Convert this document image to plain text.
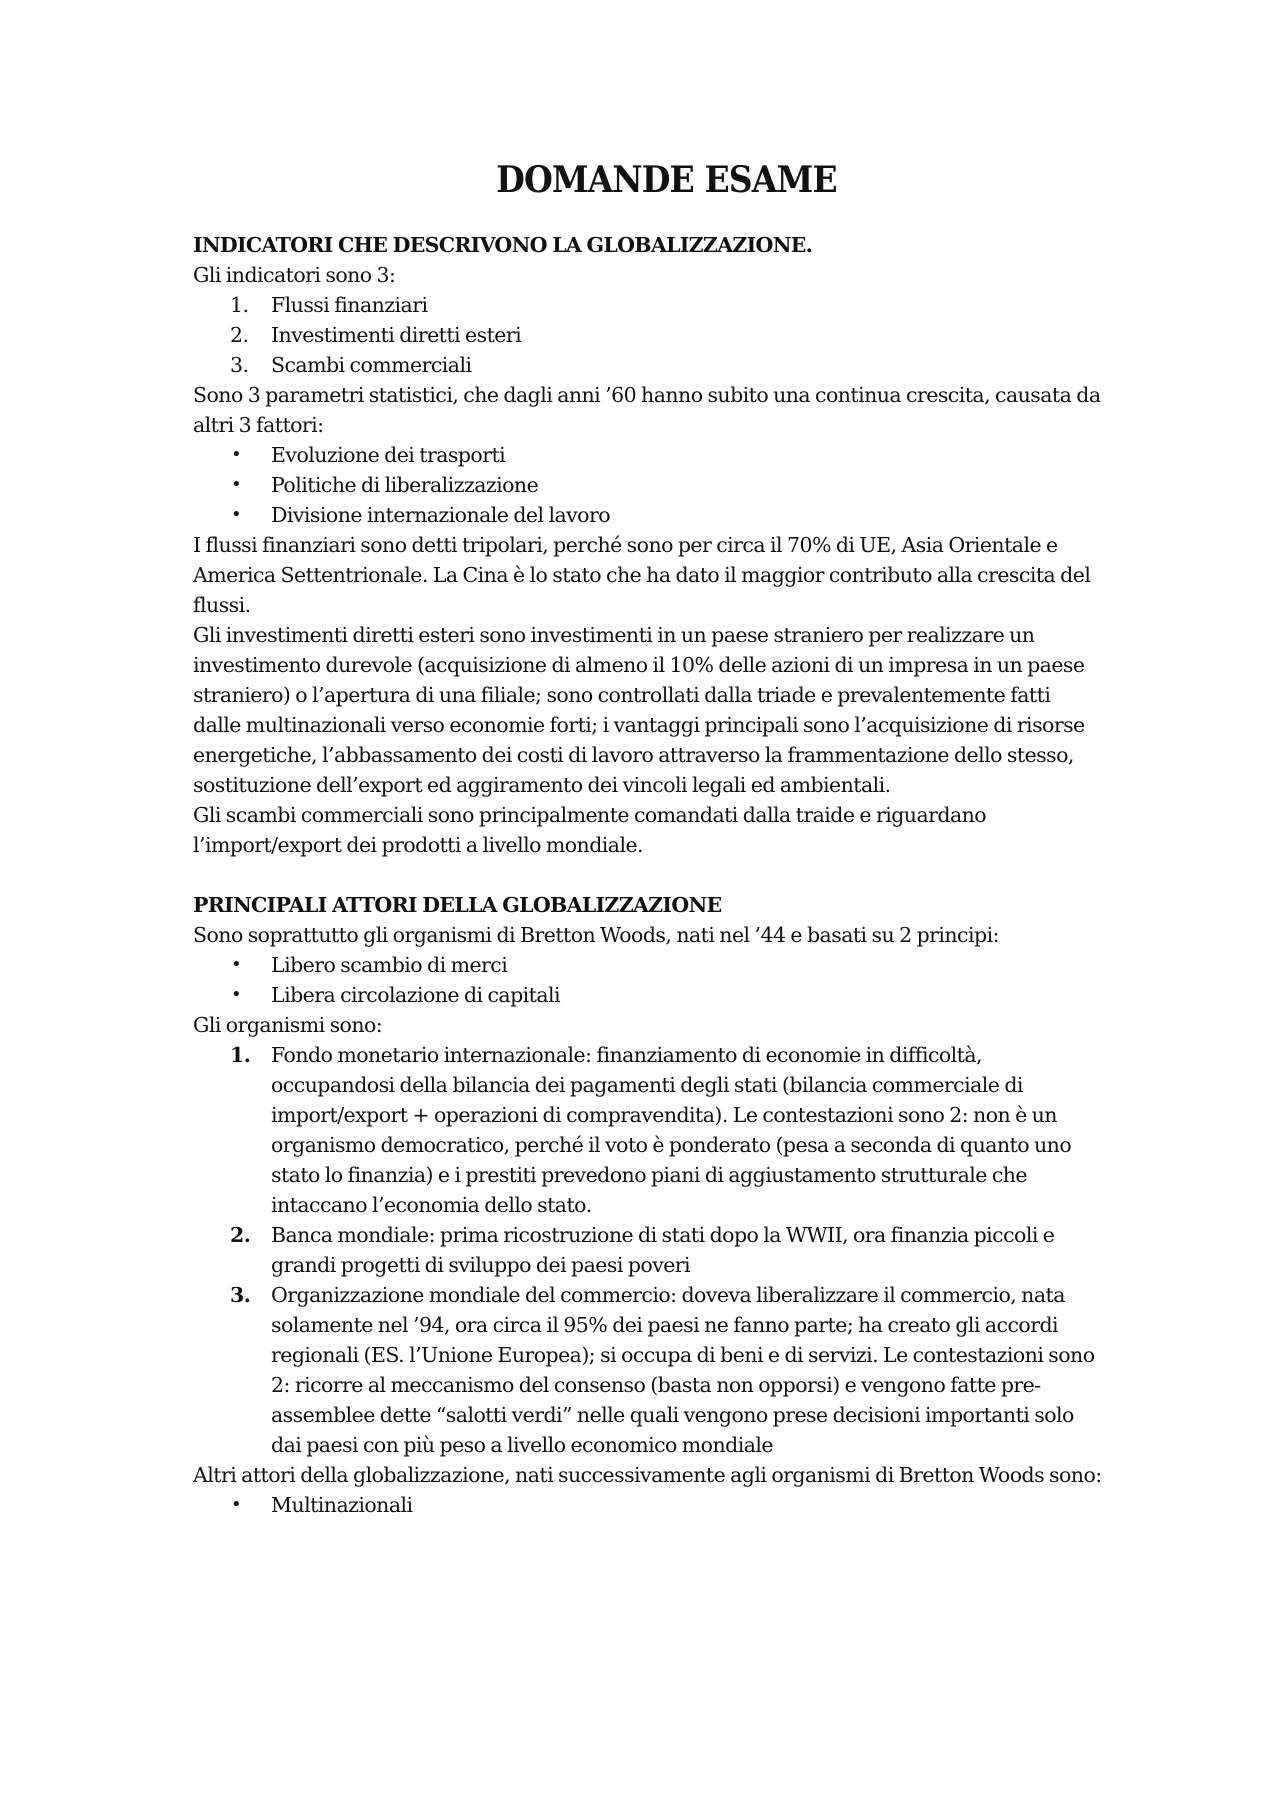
DOMANDE ESAME
INDICATORI CHE DESCRIVONO LA GLOBALIZZAZIONE.

Gli indicatori sono 3:

1. Flussi finanziari
2. Investimenti diretti esteri
3. Scambi commerciali

Sono 3 parametri statistici, che dagli anni ’60 hanno subito una continua crescita, causata da altri 3 fattori:

• Evoluzione dei trasporti
• Politiche di liberalizzazione
• Divisione internazionale del lavoro

I flussi finanziari sono detti tripolari, perché sono per circa il 70% di UE, Asia Orientale e America Settentrionale. La Cina è lo stato che ha dato il maggior contributo alla crescita del flussi.

Gli investimenti diretti esteri sono investimenti in un paese straniero per realizzare un investimento durevole (acquisizione di almeno il 10% delle azioni di un impresa in un paese straniero) o l’apertura di una filiale; sono controllati dalla triade e prevalentemente fatti dalle multinazionali verso economie forti; i vantaggi principali sono l’acquisizione di risorse energetiche, l’abbassamento dei costi di lavoro attraverso la frammentazione dello stesso, sostituzione dell’export ed aggiramento dei vincoli legali ed ambientali.

Gli scambi commerciali sono principalmente comandati dalla traide e riguardano l’import/export dei prodotti a livello mondiale.

PRINCIPALI ATTORI DELLA GLOBALIZZAZIONE

Sono soprattutto gli organismi di Bretton Woods, nati nel ’44 e basati su 2 principi:

• Libero scambio di merci
• Libera circolazione di capitali

Gli organismi sono:

1. Fondo monetario internazionale: finanziamento di economie in difficoltà, occupandosi della bilancia dei pagamenti degli stati (bilancia commerciale di import/export + operazioni di compravendita). Le contestazioni sono 2: non è un organismo democratico, perché il voto è ponderato (pesa a seconda di quanto uno stato lo finanzia) e i prestiti prevedono piani di aggiustamento strutturale che intaccano l’economia dello stato.
2. Banca mondiale: prima ricostruzione di stati dopo la WWII, ora finanzia piccoli e grandi progetti di sviluppo dei paesi poveri
3. Organizzazione mondiale del commercio: doveva liberalizzare il commercio, nata solamente nel ’94, ora circa il 95% dei paesi ne fanno parte; ha creato gli accordi regionali (ES. l’Unione Europea); si occupa di beni e di servizi. Le contestazioni sono 2: ricorre al meccanismo del consenso (basta non opporsi) e vengono fatte pre-assemblee dette “salotti verdi” nelle quali vengono prese decisioni importanti solo dai paesi con più peso a livello economico mondiale

Altri attori della globalizzazione, nati successivamente agli organismi di Bretton Woods sono:

• Multinazionali
